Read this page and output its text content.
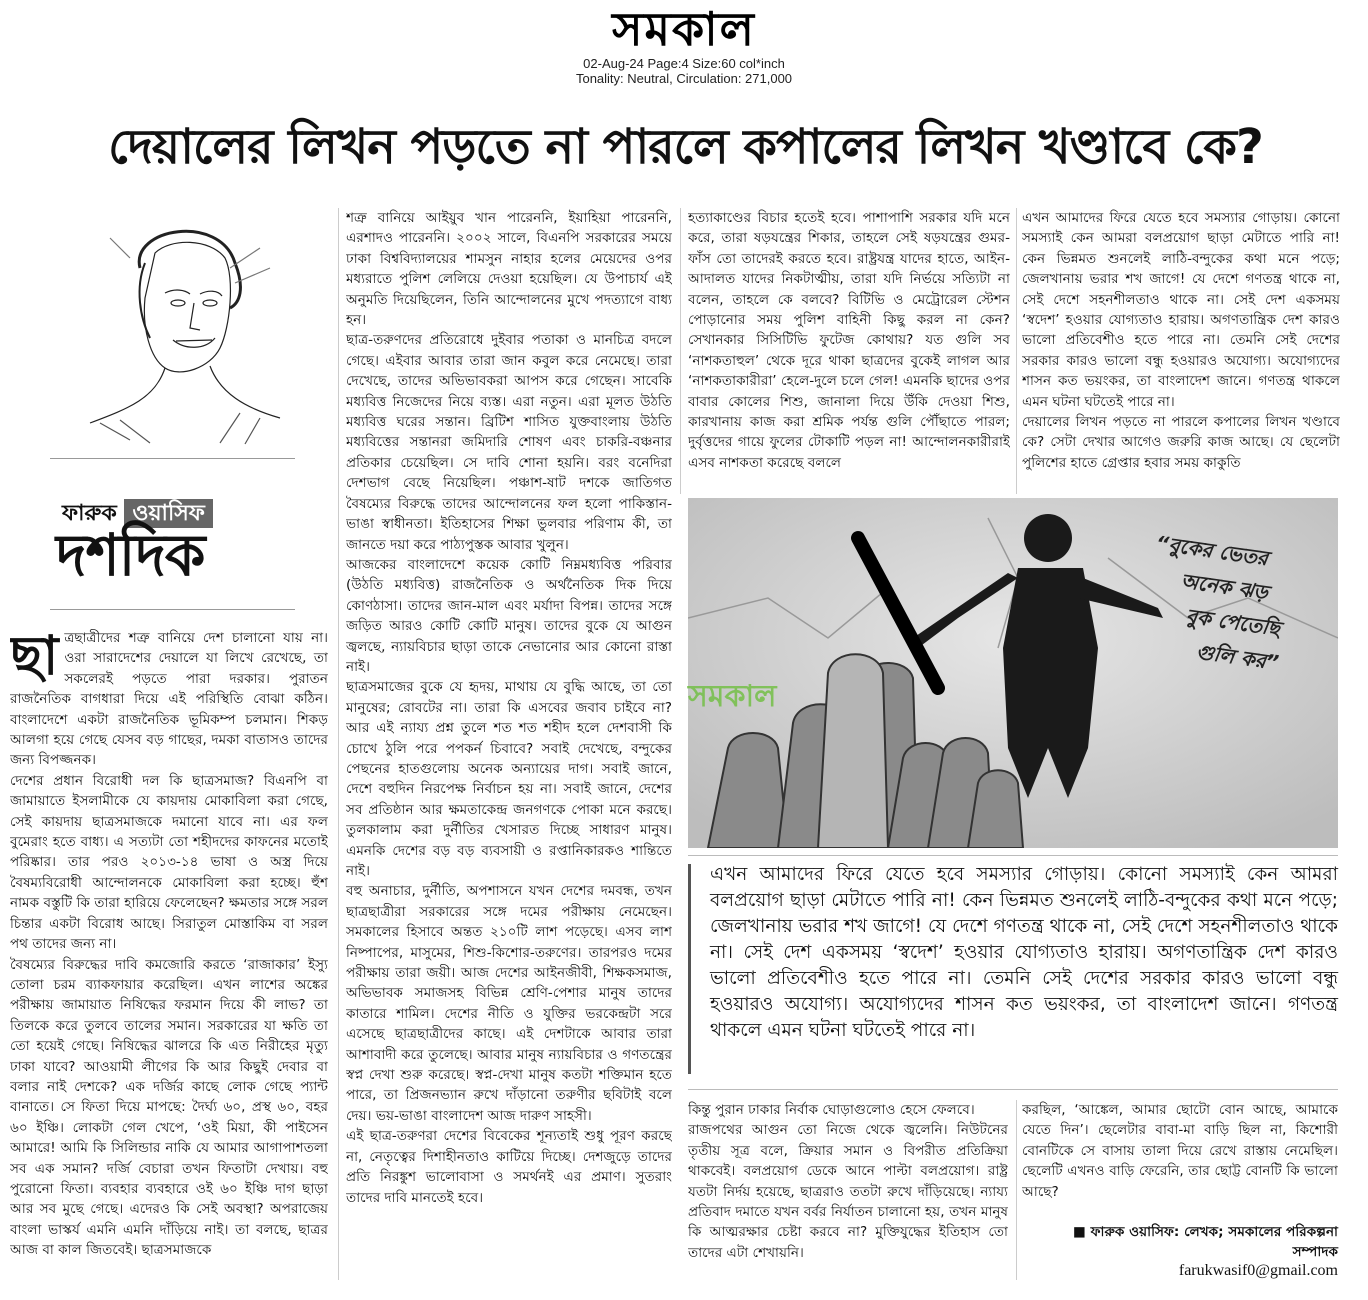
সমকাল
02-Aug-24 Page:4 Size:60 col*inch
Tonality: Neutral, Circulation: 271,000
দেয়ালের লিখন পড়তে না পারলে কপালের লিখন খণ্ডাবে কে?
ফারুক ওয়াসিফ
দশদিক
ছা ত্রছাত্রীদের শত্রু বানিয়ে দেশ চালানো যায় না। ওরা সারাদেশের দেয়ালে যা লিখে রেখেছে, তা সকলেরই পড়তে পারা দরকার। পুরাতন রাজনৈতিক বাগধারা দিয়ে এই পরিস্থিতি বোঝা কঠিন। বাংলাদেশে একটা রাজনৈতিক ভূমিকম্প চলমান। শিকড় আলগা হয়ে গেছে যেসব বড় গাছের, দমকা বাতাসও তাদের জন্য বিপজ্জনক।

দেশের প্রধান বিরোধী দল কি ছাত্রসমাজ? বিএনপি বা জামায়াতে ইসলামীকে যে কায়দায় মোকাবিলা করা গেছে, সেই কায়দায় ছাত্রসমাজকে দমানো যাবে না। এর ফল বুমেরাং হতে বাধ্য। এ সত্যটা তো শহীদদের কাফনের মতোই পরিষ্কার। তার পরও ২০১৩-১৪ ভাষা ও অস্ত্র দিয়ে বৈষম্যবিরোধী আন্দোলনকে মোকাবিলা করা হচ্ছে। হুঁশ নামক বস্তুটি কি তারা হারিয়ে ফেলেছেন? ক্ষমতার সঙ্গে সরল চিন্তার একটা বিরোধ আছে। সিরাতুল মোস্তাকিম বা সরল পথ তাদের জন্য না।

বৈষম্যের বিরুদ্ধের দাবি কমজোরি করতে ‘রাজাকার’ ইস্যু তোলা চরম ব্যাকফায়ার করেছিল। এখন লাশের অঙ্কের পরীক্ষায় জামায়াত নিষিদ্ধের ফরমান দিয়ে কী লাভ? তা তিলকে করে তুলবে তালের সমান। সরকারের যা ক্ষতি তা তো হয়েই গেছে। নিষিদ্ধের ঝালরে কি এত নিরীহের মৃত্যু ঢাকা যাবে? আওয়ামী লীগের কি আর কিছুই দেবার বা বলার নাই দেশকে? এক দর্জির কাছে লোক গেছে প্যান্ট বানাতে। সে ফিতা দিয়ে মাপছে: দৈর্ঘ্য ৬০, প্রস্থ ৬০, বহর ৬০ ইঞ্চি। লোকটা গেল খেপে, ‘ওই মিয়া, কী পাইসেন আমারে! আমি কি সিলিন্ডার নাকি যে আমার আগাপাশতলা সব এক সমান? দর্জি বেচারা তখন ফিতাটা দেখায়। বহু পুরোনো ফিতা। ব্যবহার ব্যবহারে ওই ৬০ ইঞ্চি দাগ ছাড়া আর সব মুছে গেছে। এদেরও কি সেই অবস্থা? অপরাজেয় বাংলা ভাস্কর্য এমনি এমনি দাঁড়িয়ে নাই। তা বলছে, ছাত্রর আজ বা কাল জিতবেই। ছাত্রসমাজকে

শত্রু বানিয়ে আইয়ুব খান পারেননি, ইয়াহিয়া পারেননি, এরশাদও পারেননি। ২০০২ সালে, বিএনপি সরকারের সময়ে ঢাকা বিশ্ববিদ্যালয়ের শামসুন নাহার হলের মেয়েদের ওপর মধ্যরাতে পুলিশ লেলিয়ে দেওয়া হয়েছিল। যে উপাচার্য এই অনুমতি দিয়েছিলেন, তিনি আন্দোলনের মুখে পদত্যাগে বাধ্য হন।

ছাত্র-তরুণদের প্রতিরোধে দুইবার পতাকা ও মানচিত্র বদলে গেছে। এইবার আবার তারা জান কবুল করে নেমেছে। তারা দেখেছে, তাদের অভিভাবকরা আপস করে গেছেন। সাবেকি মধ্যবিত্ত নিজেদের নিয়ে ব্যস্ত। এরা নতুন। এরা মূলত উঠতি মধ্যবিত্ত ঘরের সন্তান। ব্রিটিশ শাসিত যুক্তবাংলায় উঠতি মধ্যবিত্তের সন্তানরা জমিদারি শোষণ এবং চাকরি-বঞ্চনার প্রতিকার চেয়েছিল। সে দাবি শোনা হয়নি। বরং বনেদিরা দেশভাগ বেছে নিয়েছিল। পঞ্চাশ-ষাট দশকে জাতিগত বৈষম্যের বিরুদ্ধে তাদের আন্দোলনের ফল হলো পাকিস্তান-ভাঙা স্বাধীনতা। ইতিহাসের শিক্ষা ভুলবার পরিণাম কী, তা জানতে দয়া করে পাঠ্যপুস্তক আবার খুলুন।

আজকের বাংলাদেশে কয়েক কোটি নিম্নমধ্যবিত্ত পরিবার (উঠতি মধ্যবিত্ত) রাজনৈতিক ও অর্থনৈতিক দিক দিয়ে কোণঠাসা। তাদের জান-মাল এবং মর্যাদা বিপন্ন। তাদের সঙ্গে জড়িত আরও কোটি কোটি মানুষ। তাদের বুকে যে আগুন জ্বলছে, ন্যায়বিচার ছাড়া তাকে নেভানোর আর কোনো রাস্তা নাই।

ছাত্রসমাজের বুকে যে হৃদয়, মাথায় যে বুদ্ধি আছে, তা তো মানুষের; রোবটের না। তারা কি এসবের জবাব চাইবে না? আর এই ন্যায্য প্রশ্ন তুলে শত শত শহীদ হলে দেশবাসী কি চোখে ঠুলি পরে পপকর্ন চিবাবে? সবাই দেখেছে, বন্দুকের পেছনের হাতগুলোয় অনেক অন্যায়ের দাগ। সবাই জানে, দেশে বহুদিন নিরপেক্ষ নির্বাচন হয় না। সবাই জানে, দেশের সব প্রতিষ্ঠান আর ক্ষমতাকেন্দ্র জনগণকে পোকা মনে করছে। তুলকালাম করা দুর্নীতির খেসারত দিচ্ছে সাধারণ মানুষ। এমনকি দেশের বড় বড় ব্যবসায়ী ও রপ্তানিকারকও শান্তিতে নাই।

বহু অনাচার, দুর্নীতি, অপশাসনে যখন দেশের দমবন্ধ, তখন ছাত্রছাত্রীরা সরকারের সঙ্গে দমের পরীক্ষায় নেমেছেন। সমকালের হিসাবে অন্তত ২১০টি লাশ পড়েছে। এসব লাশ নিষ্পাপের, মাসুমের, শিশু-কিশোর-তরুণের। তারপরও দমের পরীক্ষায় তারা জয়ী। আজ দেশের আইনজীবী, শিক্ষকসমাজ, অভিভাবক সমাজসহ বিভিন্ন শ্রেণি-পেশার মানুষ তাদের কাতারে শামিল। দেশের নীতি ও যুক্তির ভরকেন্দ্রটা সরে এসেছে ছাত্রছাত্রীদের কাছে। এই দেশটাকে আবার তারা আশাবাদী করে তুলেছে। আবার মানুষ ন্যায়বিচার ও গণতন্ত্রের স্বপ্ন দেখা শুরু করেছে। স্বপ্ন-দেখা মানুষ কতটা শক্তিমান হতে পারে, তা প্রিজনভ্যান রুখে দাঁড়ানো তরুণীর ছবিটাই বলে দেয়। ভয়-ভাঙা বাংলাদেশ আজ দারুণ সাহসী।

এই ছাত্র-তরুণরা দেশের বিবেকের শূন্যতাই শুধু পূরণ করছে না, নেতৃত্বের দিশাহীনতাও কাটিয়ে দিচ্ছে। দেশজুড়ে তাদের প্রতি নিরঙ্কুশ ভালোবাসা ও সমর্থনই এর প্রমাণ। সুতরাং তাদের দাবি মানতেই হবে।

হত্যাকাণ্ডের বিচার হতেই হবে। পাশাপাশি সরকার যদি মনে করে, তারা ষড়যন্ত্রের শিকার, তাহলে সেই ষড়যন্ত্রের গুমর-ফাঁস তো তাদেরই করতে হবে। রাষ্ট্রযন্ত্র যাদের হাতে, আইন-আদালত যাদের নিকটাত্মীয়, তারা যদি নির্ভয়ে সত্যিটা না বলেন, তাহলে কে বলবে? বিটিভি ও মেট্রোরেল স্টেশন পোড়ানোর সময় পুলিশ বাহিনী কিছু করল না কেন? সেখানকার সিসিটিভি ফুটেজ কোথায়? যত গুলি সব ‘নাশকতাহুল’ থেকে দূরে থাকা ছাত্রদের বুকেই লাগল আর ‘নাশকতাকারীরা’ হেলে-দুলে চলে গেল! এমনকি ছাদের ওপর বাবার কোলের শিশু, জানালা দিয়ে উঁকি দেওয়া শিশু, কারখানায় কাজ করা শ্রমিক পর্যন্ত গুলি পৌঁছাতে পারল; দুর্বৃত্তদের গায়ে ফুলের টোকাটি পড়ল না! আন্দোলনকারীরাই এসব নাশকতা করেছে বললে

এখন আমাদের ফিরে যেতে হবে সমস্যার গোড়ায়। কোনো সমস্যাই কেন আমরা বলপ্রয়োগ ছাড়া মেটাতে পারি না! কেন ভিন্নমত শুনলেই লাঠি-বন্দুকের কথা মনে পড়ে; জেলখানায় ভরার শখ জাগে! যে দেশে গণতন্ত্র থাকে না, সেই দেশে সহনশীলতাও থাকে না। সেই দেশ একসময় ‘স্বদেশ’ হওয়ার যোগ্যতাও হারায়। অগণতান্ত্রিক দেশ কারও ভালো প্রতিবেশীও হতে পারে না। তেমনি সেই দেশের সরকার কারও ভালো বন্ধু হওয়ারও অযোগ্য। অযোগ্যদের শাসন কত ভয়ংকর, তা বাংলাদেশ জানে। গণতন্ত্র থাকলে এমন ঘটনা ঘটতেই পারে না।

দেয়ালের লিখন পড়তে না পারলে কপালের লিখন খণ্ডাবে কে? সেটা দেখার আগেও জরুরি কাজ আছে। যে ছেলেটা পুলিশের হাতে গ্রেপ্তার হবার সময় কাকুতি

“বুকের ভেতর
অনেক ঝড়
বুক পেতেছি
গুলি কর”
সমকাল
এখন আমাদের ফিরে যেতে হবে সমস্যার গোড়ায়। কোনো সমস্যাই কেন আমরা বলপ্রয়োগ ছাড়া মেটাতে পারি না! কেন ভিন্নমত শুনলেই লাঠি-বন্দুকের কথা মনে পড়ে; জেলখানায় ভরার শখ জাগে! যে দেশে গণতন্ত্র থাকে না, সেই দেশে সহনশীলতাও থাকে না। সেই দেশ একসময় ‘স্বদেশ’ হওয়ার যোগ্যতাও হারায়। অগণতান্ত্রিক দেশ কারও ভালো প্রতিবেশীও হতে পারে না। তেমনি সেই দেশের সরকার কারও ভালো বন্ধু হওয়ারও অযোগ্য। অযোগ্যদের শাসন কত ভয়ংকর, তা বাংলাদেশ জানে। গণতন্ত্র থাকলে এমন ঘটনা ঘটতেই পারে না।

কিন্তু পুরান ঢাকার নির্বাক ঘোড়াগুলোও হেসে ফেলবে।

রাজপথের আগুন তো নিজে থেকে জ্বলেনি। নিউটনের তৃতীয় সূত্র বলে, ক্রিয়ার সমান ও বিপরীত প্রতিক্রিয়া থাকবেই। বলপ্রয়োগ ডেকে আনে পাল্টা বলপ্রয়োগ। রাষ্ট্র যতটা নির্দয় হয়েছে, ছাত্ররাও ততটা রুখে দাঁড়িয়েছে। ন্যায্য প্রতিবাদ দমাতে যখন বর্বর নির্যাতন চালানো হয়, তখন মানুষ কি আত্মরক্ষার চেষ্টা করবে না? মুক্তিযুদ্ধের ইতিহাস তো তাদের এটা শেখায়নি।

করছিল, ‘আঙ্কেল, আমার ছোটো বোন আছে, আমাকে যেতে দিন’। ছেলেটার বাবা-মা বাড়ি ছিল না, কিশোরী বোনটিকে সে বাসায় তালা দিয়ে রেখে রাস্তায় নেমেছিল। ছেলেটি এখনও বাড়ি ফেরেনি, তার ছোট্ট বোনটি কি ভালো আছে?

■ ফারুক ওয়াসিফ: লেখক; সমকালের পরিকল্পনা সম্পাদক
farukwasif0@gmail.com
